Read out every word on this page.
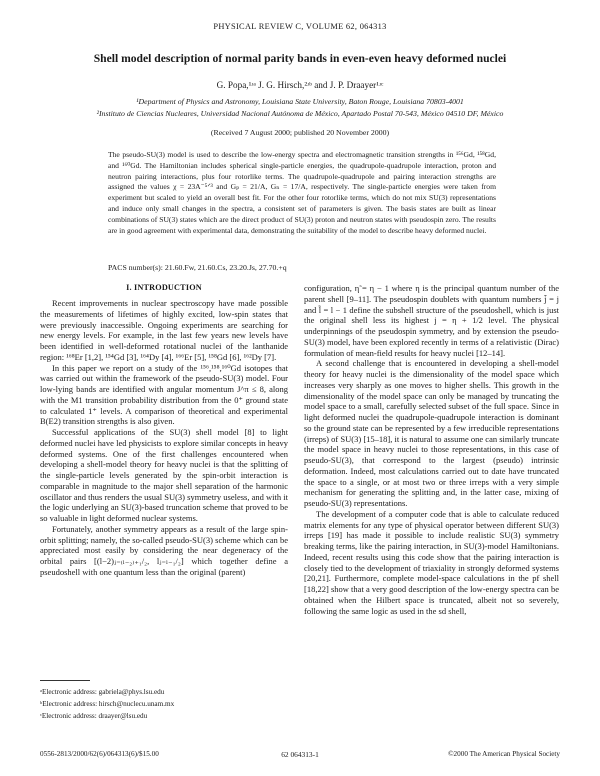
PHYSICAL REVIEW C, VOLUME 62, 064313
Shell model description of normal parity bands in even-even heavy deformed nuclei
G. Popa,¹ʴᵃ J. G. Hirsch,²ʴᵇ and J. P. Draayer¹ʴᶜ
¹Department of Physics and Astronomy, Louisiana State University, Baton Rouge, Louisiana 70803-4001
²Instituto de Ciencias Nucleares, Universidad Nacional Autónoma de México, Apartado Postal 70-543, México 04510 DF, México
(Received 7 August 2000; published 20 November 2000)
The pseudo-SU(3) model is used to describe the low-energy spectra and electromagnetic transition strengths in ¹⁵⁶Gd, ¹⁵⁸Gd, and ¹⁶⁰Gd. The Hamiltonian includes spherical single-particle energies, the quadrupole-quadrupole interaction, proton and neutron pairing interactions, plus four rotorlike terms. The quadrupole-quadrupole and pairing interaction strengths are assigned the values χ = 23A⁻⁵ᐟ³ and Gₚ = 21/A, Gₙ = 17/A, respectively. The single-particle energies were taken from experiment but scaled to yield an overall best fit. For the other four rotorlike terms, which do not mix SU(3) representations and induce only small changes in the spectra, a consistent set of parameters is given. The basis states are built as linear combinations of SU(3) states which are the direct product of SU(3) proton and neutron states with pseudospin zero. The results are in good agreement with experimental data, demonstrating the suitability of the model to describe heavy deformed nuclei.
PACS number(s): 21.60.Fw, 21.60.Cs, 23.20.Js, 27.70.+q
I. INTRODUCTION

Recent improvements in nuclear spectroscopy have made possible the measurements of lifetimes of highly excited, low-spin states that were previously inaccessible. Ongoing experiments are searching for new energy levels. For example, in the last few years new levels have been identified in well-deformed rotational nuclei of the lanthanide region: ¹⁶⁸Er [1,2], ¹⁵⁴Gd [3], ¹⁶⁴Dy [4], ¹⁶⁶Er [5], ¹⁵⁸Gd [6], ¹⁶²Dy [7].

In this paper we report on a study of the ¹⁵⁶,¹⁵⁸,¹⁶⁰Gd isotopes that was carried out within the framework of the pseudo-SU(3) model. Four low-lying bands are identified with angular momentum J^π ≤ 8, along with the M1 transition probability distribution from the 0⁺ ground state to calculated 1⁺ levels. A comparison of theoretical and experimental B(E2) transition strengths is also given.

Successful applications of the SU(3) shell model [8] to light deformed nuclei have led physicists to explore similar concepts in heavy deformed systems. One of the first challenges encountered when developing a shell-model theory for heavy nuclei is that the splitting of the single-particle levels generated by the spin-orbit interaction is comparable in magnitude to the major shell separation of the harmonic oscillator and thus renders the usual SU(3) symmetry useless, and with it the logic underlying an SU(3)-based truncation scheme that proved to be so valuable in light deformed nuclear systems.

Fortunately, another symmetry appears as a result of the large spin-orbit splitting; namely, the so-called pseudo-SU(3) scheme which can be appreciated most easily by considering the near degeneracy of the orbital pairs [(l−2)ⱼ₌₍ₗ₋₂₎₊₁/₂, lⱼ₌ₗ₋₁/₂] which together define a pseudoshell with one quantum less than the original (parent)

configuration, η̃ = η − 1 where η is the principal quantum number of the parent shell [9–11]. The pseudospin doublets with quantum numbers j̃ = j and l̃ = l − 1 define the subshell structure of the pseudoshell, which is just the original shell less its highest j = η + 1/2 level. The physical underpinnings of the pseudospin symmetry, and by extension the pseudo-SU(3) model, have been explored recently in terms of a relativistic (Dirac) formulation of mean-field results for heavy nuclei [12–14].

A second challenge that is encountered in developing a shell-model theory for heavy nuclei is the dimensionality of the model space which increases very sharply as one moves to higher shells. This growth in the dimensionality of the model space can only be managed by truncating the model space to a small, carefully selected subset of the full space. Since in light deformed nuclei the quadrupole-quadrupole interaction is dominant so the ground state can be represented by a few irreducible representations (irreps) of SU(3) [15–18], it is natural to assume one can similarly truncate the model space in heavy nuclei to those representations, in this case of pseudo-SU(3), that correspond to the largest (pseudo) intrinsic deformation. Indeed, most calculations carried out to date have truncated the space to a single, or at most two or three irreps with a very simple mechanism for generating the splitting and, in the latter case, mixing of pseudo-SU(3) representations.

The development of a computer code that is able to calculate reduced matrix elements for any type of physical operator between different SU(3) irreps [19] has made it possible to include realistic SU(3) symmetry breaking terms, like the pairing interaction, in SU(3)-model Hamiltonians. Indeed, recent results using this code show that the pairing interaction is closely tied to the development of triaxiality in strongly deformed systems [20,21]. Furthermore, complete model-space calculations in the pf shell [18,22] show that a very good description of the low-energy spectra can be obtained when the Hilbert space is truncated, albeit not so severely, following the same logic as used in the sd shell,

ᵃElectronic address: gabriela@phys.lsu.edu
ᵇElectronic address: hirsch@nuclecu.unam.mx
ᶜElectronic address: draayer@lsu.edu
0556-2813/2000/62(6)/064313(6)/$15.00	62 064313-1	©2000 The American Physical Society
